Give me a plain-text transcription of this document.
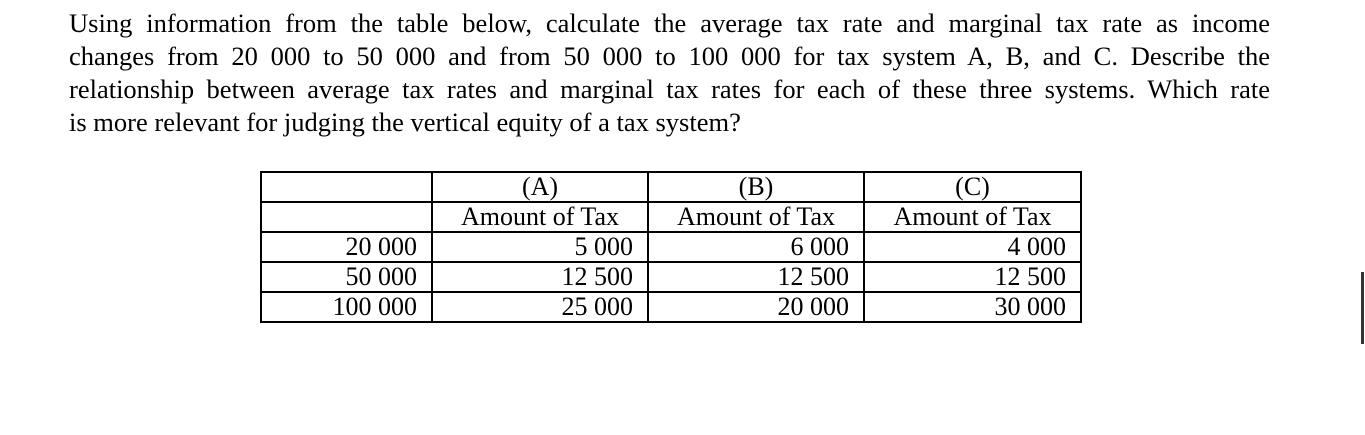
Using information from the table below, calculate the average tax rate and marginal tax rate as income
changes from 20 000 to 50 000 and from 50 000 to 100 000 for tax system A, B, and C. Describe the
relationship between average tax rates and marginal tax rates for each of these three systems. Which rate
is more relevant for judging the vertical equity of a tax system?
	(A)	(B)	(C)
	Amount of Tax	Amount of Tax	Amount of Tax
20 000	5 000	6 000	4 000
50 000	12 500	12 500	12 500
100 000	25 000	20 000	30 000
